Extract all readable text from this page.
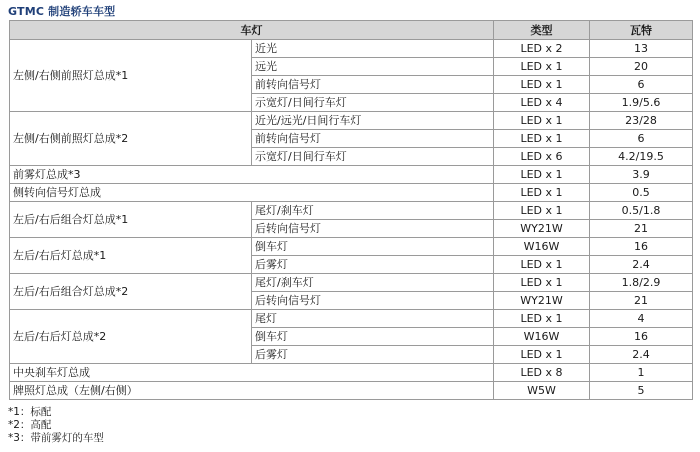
GTMC 制造轿车车型
车灯		类型	瓦特
左侧/右侧前照灯总成*1	近光	LED x 2	13
	远光	LED x 1	20
	前转向信号灯	LED x 1	6
	示宽灯/日间行车灯	LED x 4	1.9/5.6
左侧/右侧前照灯总成*2	近光/远光/日间行车灯	LED x 1	23/28
	前转向信号灯	LED x 1	6
	示宽灯/日间行车灯	LED x 6	4.2/19.5
前雾灯总成*3		LED x 1	3.9
侧转向信号灯总成		LED x 1	0.5
左后/右后组合灯总成*1	尾灯/刹车灯	LED x 1	0.5/1.8
	后转向信号灯	WY21W	21
左后/右后灯总成*1	倒车灯	W16W	16
	后雾灯	LED x 1	2.4
左后/右后组合灯总成*2	尾灯/刹车灯	LED x 1	1.8/2.9
	后转向信号灯	WY21W	21
左后/右后灯总成*2	尾灯	LED x 1	4
	倒车灯	W16W	16
	后雾灯	LED x 1	2.4
中央刹车灯总成		LED x 8	1
牌照灯总成（左侧/右侧）		W5W	5
*1：标配
*2：高配
*3：带前雾灯的车型
